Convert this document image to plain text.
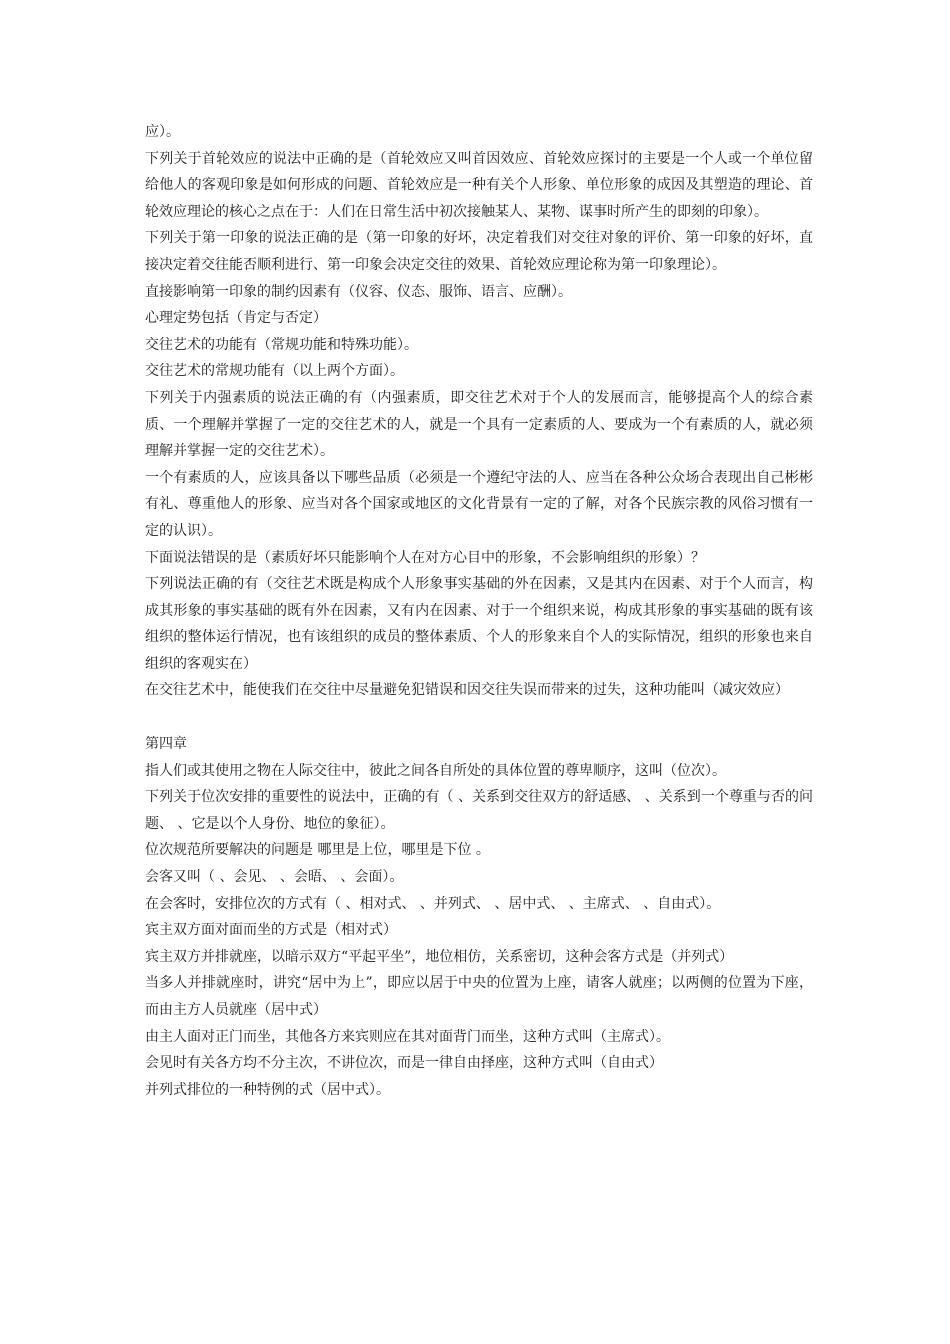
应）。

下列关于首轮效应的说法中正确的是（首轮效应又叫首因效应、首轮效应探讨的主要是一个人或一个单位留给他人的客观印象是如何形成的问题、首轮效应是一种有关个人形象、单位形象的成因及其塑造的理论、首轮效应理论的核心之点在于：人们在日常生活中初次接触某人、某物、谋事时所产生的即刻的印象）。

下列关于第一印象的说法正确的是（第一印象的好坏，决定着我们对交往对象的评价、第一印象的好坏，直接决定着交往能否顺利进行、第一印象会决定交往的效果、首轮效应理论称为第一印象理论）。

直接影响第一印象的制约因素有（仪容、仪态、服饰、语言、应酬）。

心理定势包括（肯定与否定）

交往艺术的功能有（常规功能和特殊功能）。

交往艺术的常规功能有（以上两个方面）。

下列关于内强素质的说法正确的有（内强素质，即交往艺术对于个人的发展而言，能够提高个人的综合素质、一个理解并掌握了一定的交往艺术的人，就是一个具有一定素质的人、要成为一个有素质的人，就必须理解并掌握一定的交往艺术）。

一个有素质的人，应该具备以下哪些品质（必须是一个遵纪守法的人、应当在各种公众场合表现出自己彬彬有礼、尊重他人的形象、应当对各个国家或地区的文化背景有一定的了解，对各个民族宗教的风俗习惯有一定的认识）。

下面说法错误的是（素质好坏只能影响个人在对方心目中的形象，不会影响组织的形象）？

下列说法正确的有（交往艺术既是构成个人形象事实基础的外在因素，又是其内在因素、对于个人而言，构成其形象的事实基础的既有外在因素，又有内在因素、对于一个组织来说，构成其形象的事实基础的既有该组织的整体运行情况，也有该组织的成员的整体素质、个人的形象来自个人的实际情况，组织的形象也来自组织的客观实在）

在交往艺术中，能使我们在交往中尽量避免犯错误和因交往失误而带来的过失，这种功能叫（减灾效应）

第四章

指人们或其使用之物在人际交往中，彼此之间各自所处的具体位置的尊卑顺序，这叫（位次）。

下列关于位次安排的重要性的说法中，正确的有（ 、关系到交往双方的舒适感、 、关系到一个尊重与否的问题、 、它是以个人身份、地位的象征）。

位次规范所要解决的问题是 哪里是上位，哪里是下位 。

会客又叫（ 、会见、 、会晤、 、会面）。

在会客时，安排位次的方式有（ 、相对式、 、并列式、 、居中式、 、主席式、 、自由式）。

宾主双方面对面而坐的方式是（相对式）

宾主双方并排就座，以暗示双方“平起平坐”，地位相仿，关系密切，这种会客方式是（并列式）

当多人并排就座时，讲究“居中为上”，即应以居于中央的位置为上座，请客人就座；以两侧的位置为下座，而由主方人员就座（居中式）

由主人面对正门而坐，其他各方来宾则应在其对面背门而坐，这种方式叫（主席式）。

会见时有关各方均不分主次，不讲位次，而是一律自由择座，这种方式叫（自由式）

并列式排位的一种特例的式（居中式）。
